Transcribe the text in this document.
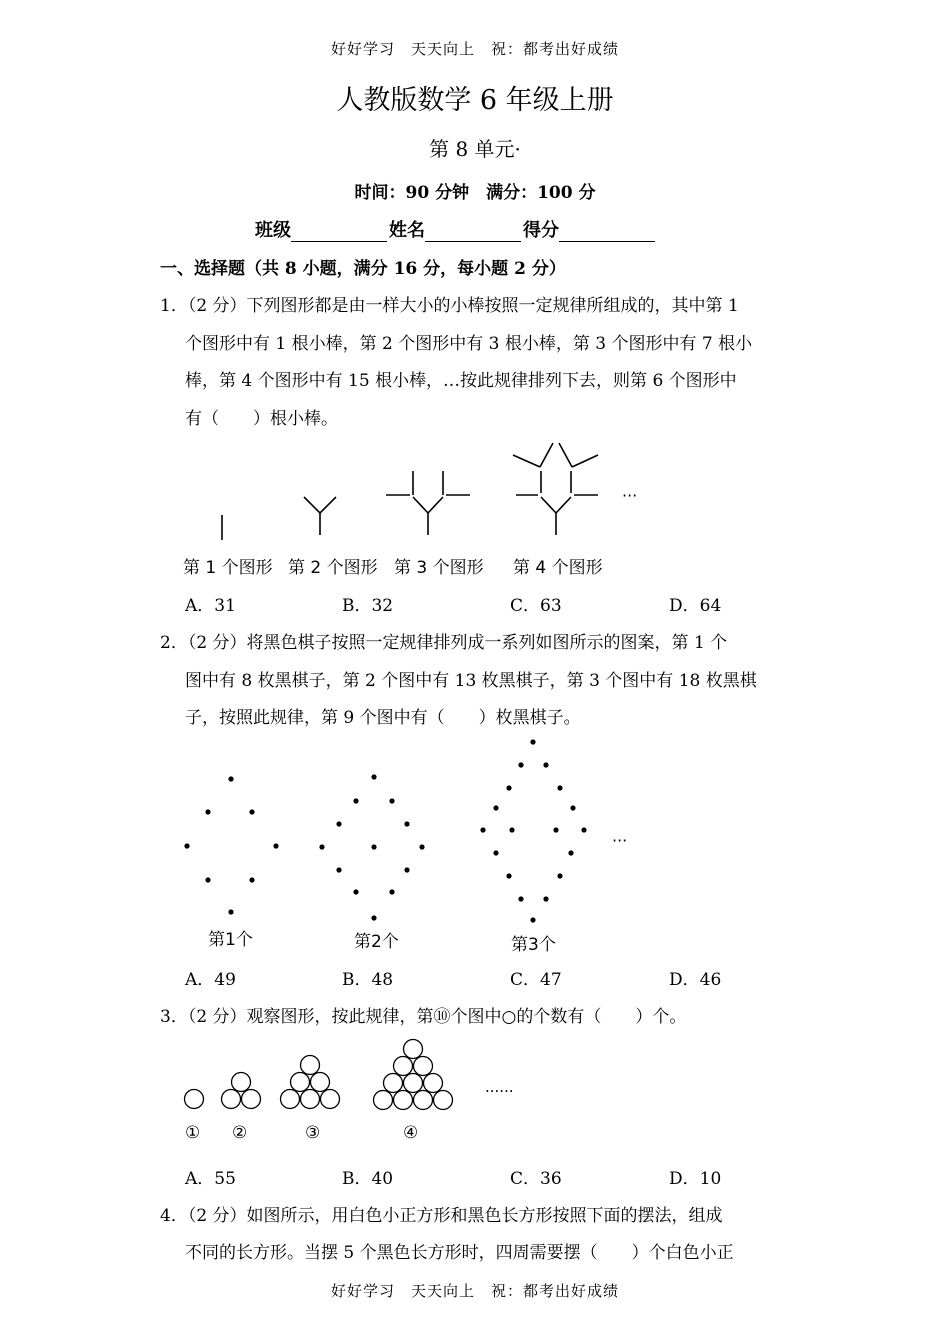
好好学习　天天向上　祝：都考出好成绩
人教版数学 6 年级上册
第 8 单元·
时间：90 分钟　满分：100 分
班级	姓名	得分
一、选择题（共 8 小题，满分 16 分，每小题 2 分）
1．（2 分）下列图形都是由一样大小的小棒按照一定规律所组成的，其中第 1
个图形中有 1 根小棒，第 2 个图形中有 3 根小棒，第 3 个图形中有 7 根小
棒，第 4 个图形中有 15 根小棒，…按此规律排列下去，则第 6 个图形中
有（　　）根小棒。
···
第 1 个图形 第 2 个图形 第 3 个图形 第 4 个图形
A．31	B．32	C．63	D．64
2．（2 分）将黑色棋子按照一定规律排列成一系列如图所示的图案，第 1 个
图中有 8 枚黑棋子，第 2 个图中有 13 枚黑棋子，第 3 个图中有 18 枚黑棋
子，按照此规律，第 9 个图中有（　　）枚黑棋子。
···
第1个	第2个	第3个
A．49	B．48	C．47	D．46
3．（2 分）观察图形，按此规律，第⑩个图中○的个数有（　　）个。
......
① ②	③	④
A．55	B．40	C．36	D．10
4．（2 分）如图所示，用白色小正方形和黑色长方形按照下面的摆法，组成
不同的长方形。当摆 5 个黑色长方形时，四周需要摆（　　）个白色小正
好好学习　天天向上　祝：都考出好成绩
